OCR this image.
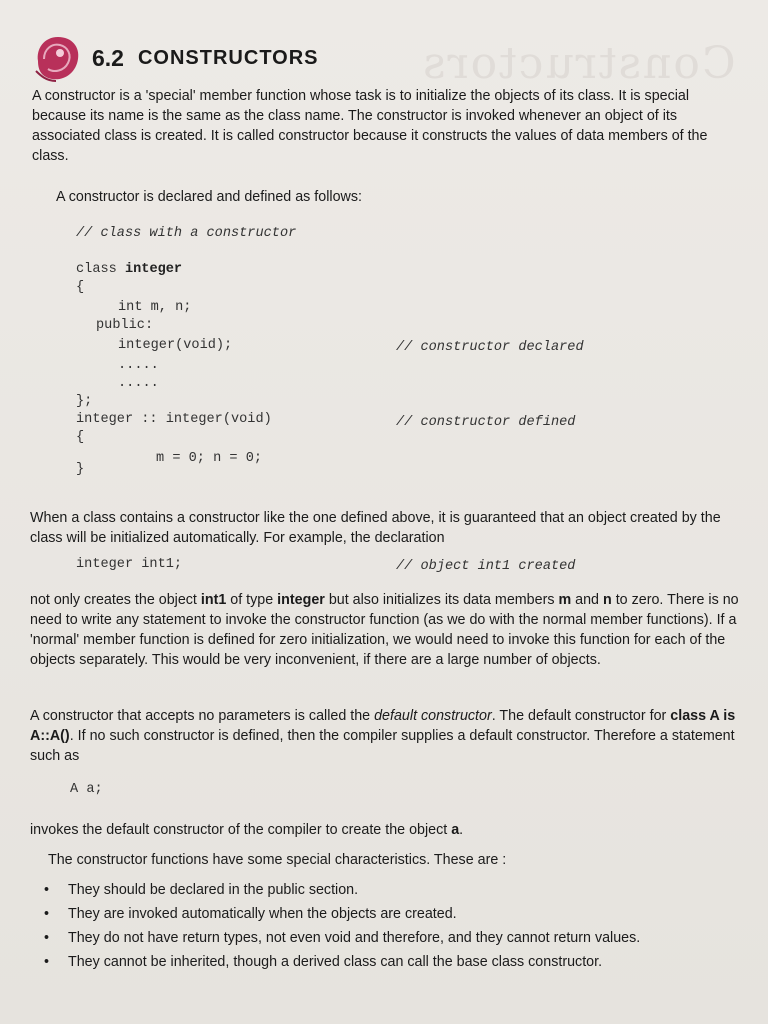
Constructors
6.2 CONSTRUCTORS

A constructor is a 'special' member function whose task is to initialize the objects of its class. It is special because its name is the same as the class name. The constructor is invoked whenever an object of its associated class is created. It is called constructor because it constructs the values of data members of the class.

A constructor is declared and defined as follows:

// class with a constructor
class integer
{
int m, n;
public:
integer(void);	// constructor declared
.....
.....
};
integer :: integer(void)	// constructor defined
{
m = 0; n = 0;
}

When a class contains a constructor like the one defined above, it is guaranteed that an object created by the class will be initialized automatically. For example, the declaration

integer int1;	// object int1 created

not only creates the object int1 of type integer but also initializes its data members m and n to zero. There is no need to write any statement to invoke the constructor function (as we do with the normal member functions). If a 'normal' member function is defined for zero initialization, we would need to invoke this function for each of the objects separately. This would be very inconvenient, if there are a large number of objects.

A constructor that accepts no parameters is called the default constructor. The default constructor for class A is A::A(). If no such constructor is defined, then the compiler supplies a default constructor. Therefore a statement such as

A a;

invokes the default constructor of the compiler to create the object a.

The constructor functions have some special characteristics. These are :

• They should be declared in the public section.
• They are invoked automatically when the objects are created.
• They do not have return types, not even void and therefore, and they cannot return values.
• They cannot be inherited, though a derived class can call the base class constructor.
